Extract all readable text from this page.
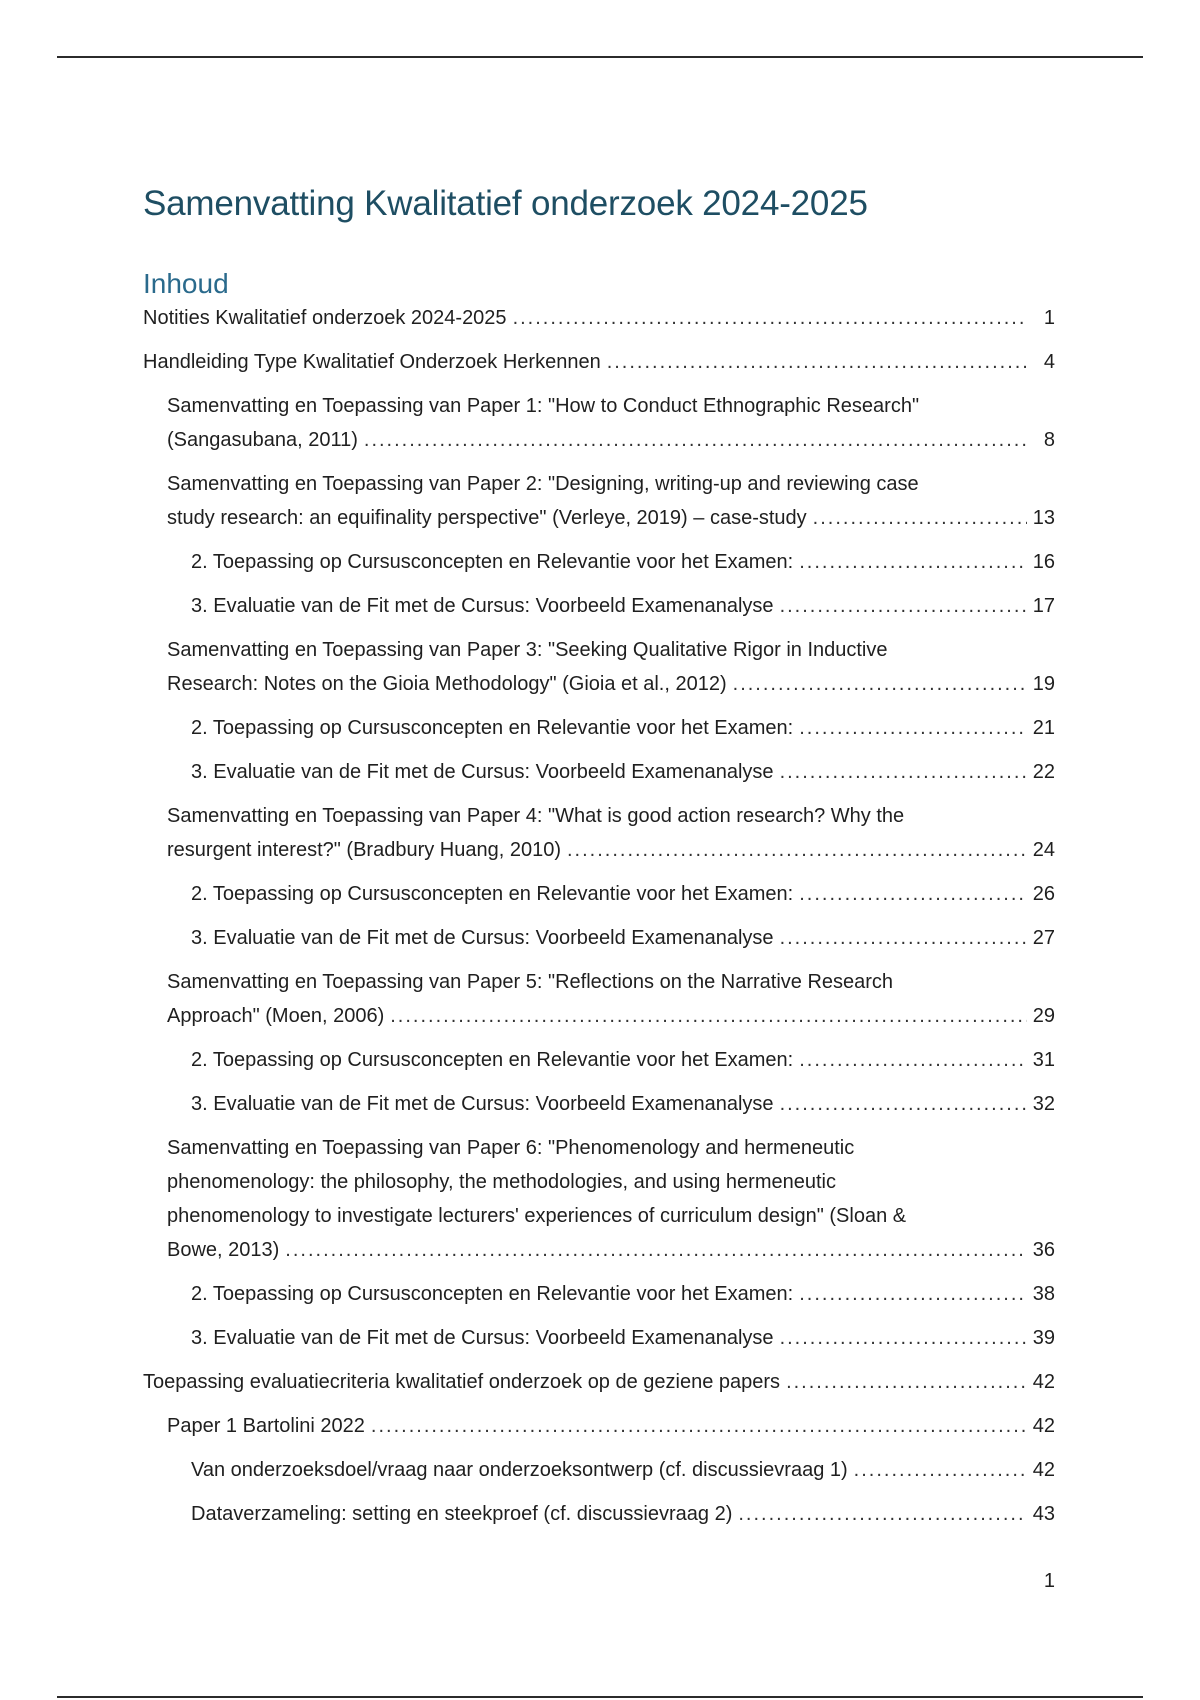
Samenvatting Kwalitatief onderzoek 2024-2025
Inhoud
Notities Kwalitatief onderzoek 2024-2025 .....	1
Handleiding Type Kwalitatief Onderzoek Herkennen .....	4
Samenvatting en Toepassing van Paper 1: "How to Conduct Ethnographic Research"
(Sangasubana, 2011) .....	8
Samenvatting en Toepassing van Paper 2: "Designing, writing-up and reviewing case
study research: an equifinality perspective" (Verleye, 2019) – case-study .....	13
2. Toepassing op Cursusconcepten en Relevantie voor het Examen: .....	16
3. Evaluatie van de Fit met de Cursus: Voorbeeld Examenanalyse .....	17
Samenvatting en Toepassing van Paper 3: "Seeking Qualitative Rigor in Inductive
Research: Notes on the Gioia Methodology" (Gioia et al., 2012) .....	19
2. Toepassing op Cursusconcepten en Relevantie voor het Examen: .....	21
3. Evaluatie van de Fit met de Cursus: Voorbeeld Examenanalyse .....	22
Samenvatting en Toepassing van Paper 4: "What is good action research? Why the
resurgent interest?" (Bradbury Huang, 2010) .....	24
2. Toepassing op Cursusconcepten en Relevantie voor het Examen: .....	26
3. Evaluatie van de Fit met de Cursus: Voorbeeld Examenanalyse .....	27
Samenvatting en Toepassing van Paper 5: "Reflections on the Narrative Research
Approach" (Moen, 2006) .....	29
2. Toepassing op Cursusconcepten en Relevantie voor het Examen: .....	31
3. Evaluatie van de Fit met de Cursus: Voorbeeld Examenanalyse .....	32
Samenvatting en Toepassing van Paper 6: "Phenomenology and hermeneutic
phenomenology: the philosophy, the methodologies, and using hermeneutic
phenomenology to investigate lecturers' experiences of curriculum design" (Sloan &
Bowe, 2013) .....	36
2. Toepassing op Cursusconcepten en Relevantie voor het Examen: .....	38
3. Evaluatie van de Fit met de Cursus: Voorbeeld Examenanalyse .....	39
Toepassing evaluatiecriteria kwalitatief onderzoek op de geziene papers .....	42
Paper 1 Bartolini 2022 .....	42
Van onderzoeksdoel/vraag naar onderzoeksontwerp (cf. discussievraag 1) .....	42
Dataverzameling: setting en steekproef (cf. discussievraag 2) .....	43
1
